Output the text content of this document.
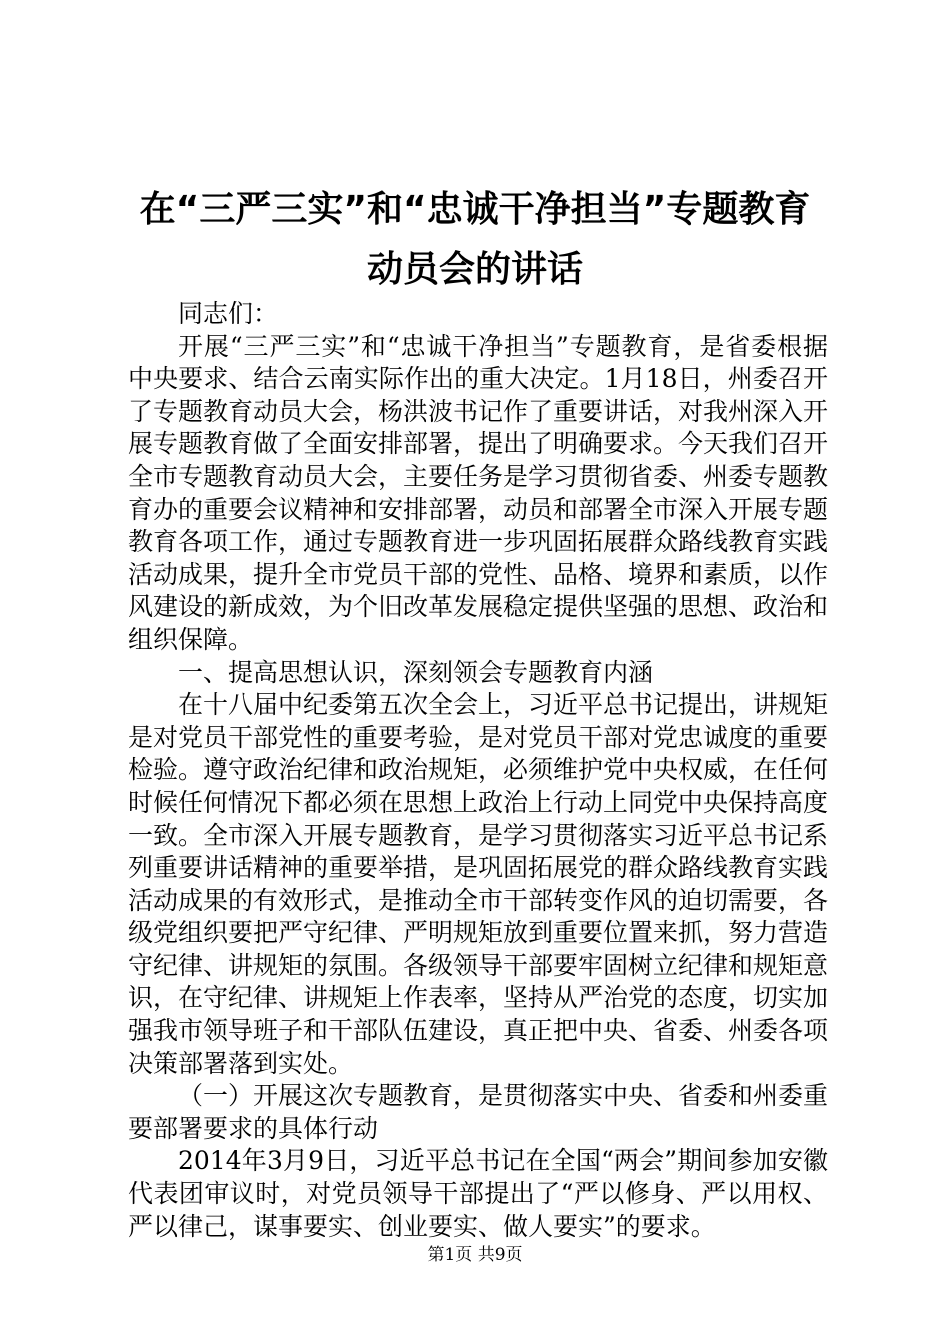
在“三严三实”和“忠诚干净担当”专题教育
动员会的讲话

同志们：

开展“三严三实”和“忠诚干净担当”专题教育，是省委根据中央要求、结合云南实际作出的重大决定。1月18日，州委召开了专题教育动员大会，杨洪波书记作了重要讲话，对我州深入开展专题教育做了全面安排部署，提出了明确要求。今天我们召开全市专题教育动员大会，主要任务是学习贯彻省委、州委专题教育办的重要会议精神和安排部署，动员和部署全市深入开展专题教育各项工作，通过专题教育进一步巩固拓展群众路线教育实践活动成果，提升全市党员干部的党性、品格、境界和素质，以作风建设的新成效，为个旧改革发展稳定提供坚强的思想、政治和组织保障。

一、提高思想认识，深刻领会专题教育内涵

在十八届中纪委第五次全会上，习近平总书记提出，讲规矩是对党员干部党性的重要考验，是对党员干部对党忠诚度的重要检验。遵守政治纪律和政治规矩，必须维护党中央权威，在任何时候任何情况下都必须在思想上政治上行动上同党中央保持高度一致。全市深入开展专题教育，是学习贯彻落实习近平总书记系列重要讲话精神的重要举措，是巩固拓展党的群众路线教育实践活动成果的有效形式，是推动全市干部转变作风的迫切需要，各级党组织要把严守纪律、严明规矩放到重要位置来抓，努力营造守纪律、讲规矩的氛围。各级领导干部要牢固树立纪律和规矩意识，在守纪律、讲规矩上作表率，坚持从严治党的态度，切实加强我市领导班子和干部队伍建设，真正把中央、省委、州委各项决策部署落到实处。

（一）开展这次专题教育，是贯彻落实中央、省委和州委重要部署要求的具体行动

2014年3月9日，习近平总书记在全国“两会”期间参加安徽代表团审议时，对党员领导干部提出了“严以修身、严以用权、严以律己，谋事要实、创业要实、做人要实”的要求。

第1页 共9页
